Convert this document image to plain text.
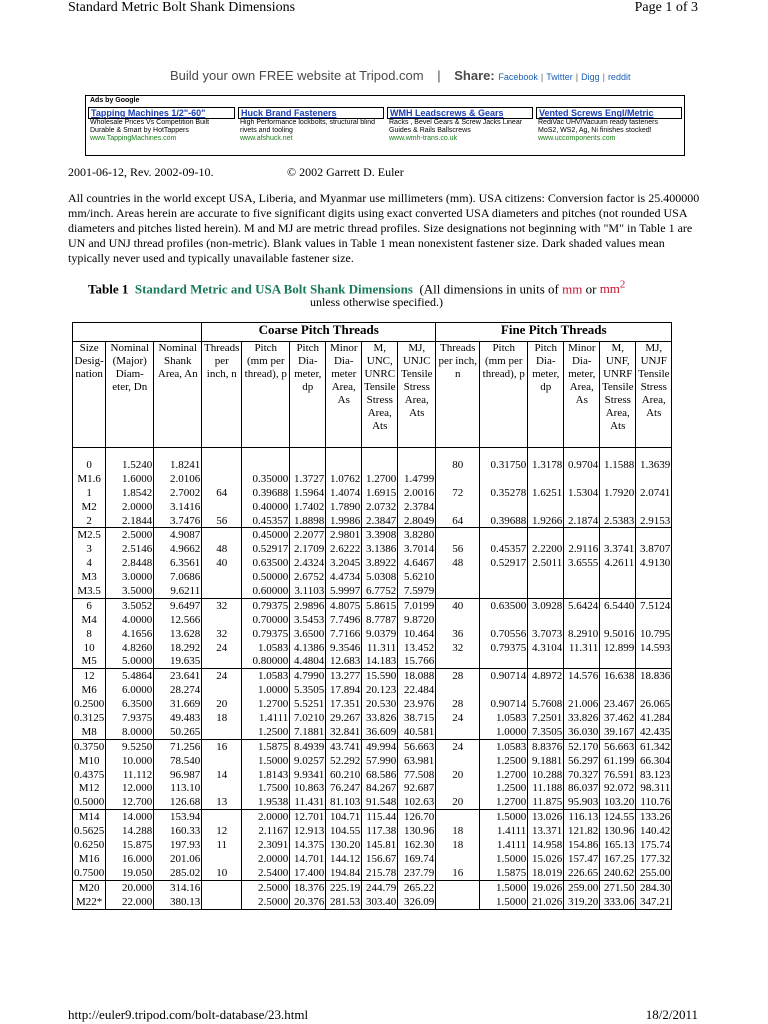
Standard Metric Bolt Shank Dimensions	Page 1 of 3
Build your own FREE website at Tripod.com | Share: Facebook | Twitter | Digg | reddit
Ads by Google
Tapping Machines 1/2"-60"
Wholesale Prices Vs Competition Built Durable & Smart by HotTappers
www.TappingMachines.com
Huck Brand Fasteners
High Performance lockbolts, structural blind rivets and tooling
www.afshuck.net
WMH Leadscrews & Gears
Racks , Bevel Gears & Screw Jacks Linear Guides & Rails Ballscrews
www.wmh-trans.co.uk
Vented Screws Engl/Metric
RediVac UHV/Vacuum ready fasteners MoS2, WS2, Ag, Ni finishes stocked!
www.uccomponents.com
2001-06-12, Rev. 2002-09-10.	© 2002 Garrett D. Euler
All countries in the world except USA, Liberia, and Myanmar use millimeters (mm). USA citizens: Conversion factor is 25.400000 mm/inch. Areas herein are accurate to five significant digits using exact converted USA diameters and pitches (not rounded USA diameters and pitches listed herein). M and MJ are metric thread profiles. Size designations not beginning with "M" in Table 1 are UN and UNJ thread profiles (non-metric). Blank values in Table 1 mean nonexistent fastener size. Dark shaded values mean typically never used and typically unavailable fastener size.
Table 1 Standard Metric and USA Bolt Shank Dimensions (All dimensions in units of mm or $mm^2$
unless otherwise specified.)
			Coarse Pitch Threads						Fine Pitch Threads					
Size Desig-nation	Nominal (Major) Diam-eter, Dn	Nominal Shank Area, An	Threads per inch, n	Pitch (mm per thread), p	Pitch Dia-meter, dp	Minor Dia-meter Area, As	M, UNC, UNRC Tensile Stress Area, Ats	MJ, UNJC Tensile Stress Area, Ats	Threads per inch, n	Pitch (mm per thread), p	Pitch Dia-meter, dp	Minor Dia-meter, Area, As	M, UNF, UNRF Tensile Stress Area, Ats	MJ, UNJF Tensile Stress Area, Ats

0	1.5240	1.8241							80	0.31750	1.3178	0.9704	1.1588	1.3639
M1.6	1.6000	2.0106		0.35000	1.3727	1.0762	1.2700	1.4799						
1	1.8542	2.7002	64	0.39688	1.5964	1.4074	1.6915	2.0016	72	0.35278	1.6251	1.5304	1.7920	2.0741
M2	2.0000	3.1416		0.40000	1.7402	1.7890	2.0732	2.3784						
2	2.1844	3.7476	56	0.45357	1.8898	1.9986	2.3847	2.8049	64	0.39688	1.9266	2.1874	2.5383	2.9153
M2.5	2.5000	4.9087		0.45000	2.2077	2.9801	3.3908	3.8280						
3	2.5146	4.9662	48	0.52917	2.1709	2.6222	3.1386	3.7014	56	0.45357	2.2200	2.9116	3.3741	3.8707
4	2.8448	6.3561	40	0.63500	2.4324	3.2045	3.8922	4.6467	48	0.52917	2.5011	3.6555	4.2611	4.9130
M3	3.0000	7.0686		0.50000	2.6752	4.4734	5.0308	5.6210						
M3.5	3.5000	9.6211		0.60000	3.1103	5.9997	6.7752	7.5979						
6	3.5052	9.6497	32	0.79375	2.9896	4.8075	5.8615	7.0199	40	0.63500	3.0928	5.6424	6.5440	7.5124
M4	4.0000	12.566		0.70000	3.5453	7.7496	8.7787	9.8720						
8	4.1656	13.628	32	0.79375	3.6500	7.7166	9.0379	10.464	36	0.70556	3.7073	8.2910	9.5016	10.795
10	4.8260	18.292	24	1.0583	4.1386	9.3546	11.311	13.452	32	0.79375	4.3104	11.311	12.899	14.593
M5	5.0000	19.635		0.80000	4.4804	12.683	14.183	15.766						
12	5.4864	23.641	24	1.0583	4.7990	13.277	15.590	18.088	28	0.90714	4.8972	14.576	16.638	18.836
M6	6.0000	28.274		1.0000	5.3505	17.894	20.123	22.484						
0.2500	6.3500	31.669	20	1.2700	5.5251	17.351	20.530	23.976	28	0.90714	5.7608	21.006	23.467	26.065
0.3125	7.9375	49.483	18	1.4111	7.0210	29.267	33.826	38.715	24	1.0583	7.2501	33.826	37.462	41.284
M8	8.0000	50.265		1.2500	7.1881	32.841	36.609	40.581		1.0000	7.3505	36.030	39.167	42.435
0.3750	9.5250	71.256	16	1.5875	8.4939	43.741	49.994	56.663	24	1.0583	8.8376	52.170	56.663	61.342
M10	10.000	78.540		1.5000	9.0257	52.292	57.990	63.981		1.2500	9.1881	56.297	61.199	66.304
0.4375	11.112	96.987	14	1.8143	9.9341	60.210	68.586	77.508	20	1.2700	10.288	70.327	76.591	83.123
M12	12.000	113.10		1.7500	10.863	76.247	84.267	92.687		1.2500	11.188	86.037	92.072	98.311
0.5000	12.700	126.68	13	1.9538	11.431	81.103	91.548	102.63	20	1.2700	11.875	95.903	103.20	110.76
M14	14.000	153.94		2.0000	12.701	104.71	115.44	126.70		1.5000	13.026	116.13	124.55	133.26
0.5625	14.288	160.33	12	2.1167	12.913	104.55	117.38	130.96	18	1.4111	13.371	121.82	130.96	140.42
0.6250	15.875	197.93	11	2.3091	14.375	130.20	145.81	162.30	18	1.4111	14.958	154.86	165.13	175.74
M16	16.000	201.06		2.0000	14.701	144.12	156.67	169.74		1.5000	15.026	157.47	167.25	177.32
0.7500	19.050	285.02	10	2.5400	17.400	194.84	215.78	237.79	16	1.5875	18.019	226.65	240.62	255.00
M20	20.000	314.16		2.5000	18.376	225.19	244.79	265.22		1.5000	19.026	259.00	271.50	284.30
M22*	22.000	380.13		2.5000	20.376	281.53	303.40	326.09		1.5000	21.026	319.20	333.06	347.21
http://euler9.tripod.com/bolt-database/23.html	18/2/2011
